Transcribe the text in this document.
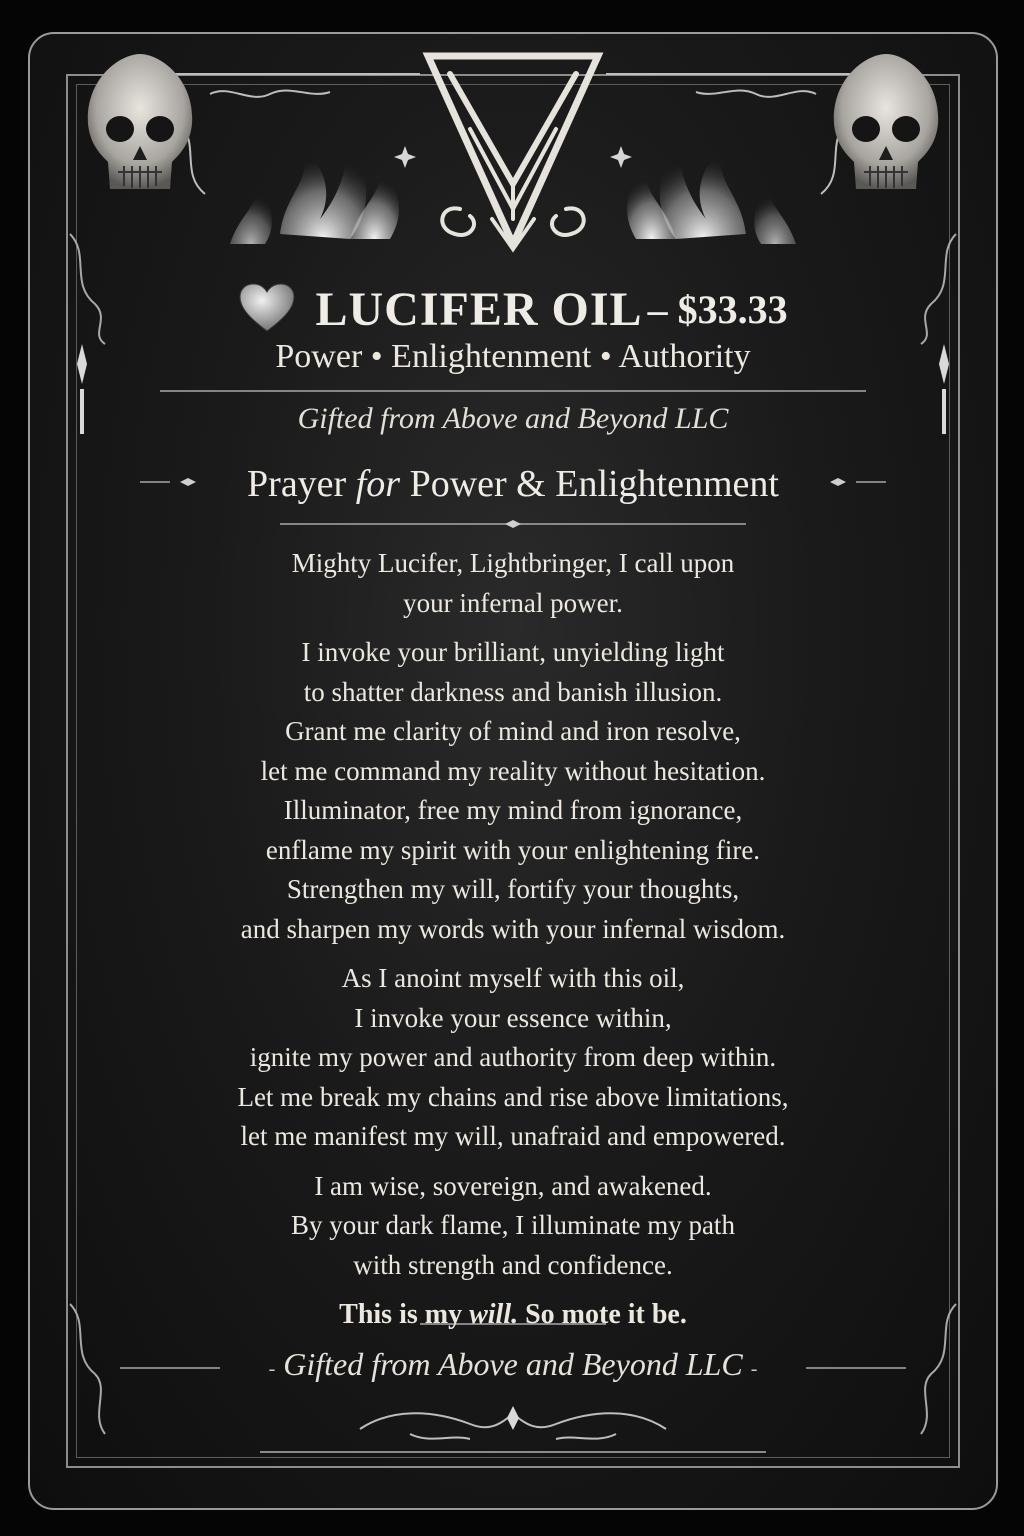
LUCIFER OIL – $33.33
Power • Enlightenment • Authority
Gifted from Above and Beyond LLC
Prayer for Power & Enlightenment
Mighty Lucifer, Lightbringer, I call upon
your infernal power.
I invoke your brilliant, unyielding light
to shatter darkness and banish illusion.
Grant me clarity of mind and iron resolve,
let me command my reality without hesitation.
Illuminator, free my mind from ignorance,
enflame my spirit with your enlightening fire.
Strengthen my will, fortify your thoughts,
and sharpen my words with your infernal wisdom.
As I anoint myself with this oil,
I invoke your essence within,
ignite my power and authority from deep within.
Let me break my chains and rise above limitations,
let me manifest my will, unafraid and empowered.
I am wise, sovereign, and awakened.
By your dark flame, I illuminate my path
with strength and confidence.
This is my will. So mote it be.
- Gifted from Above and Beyond LLC -
